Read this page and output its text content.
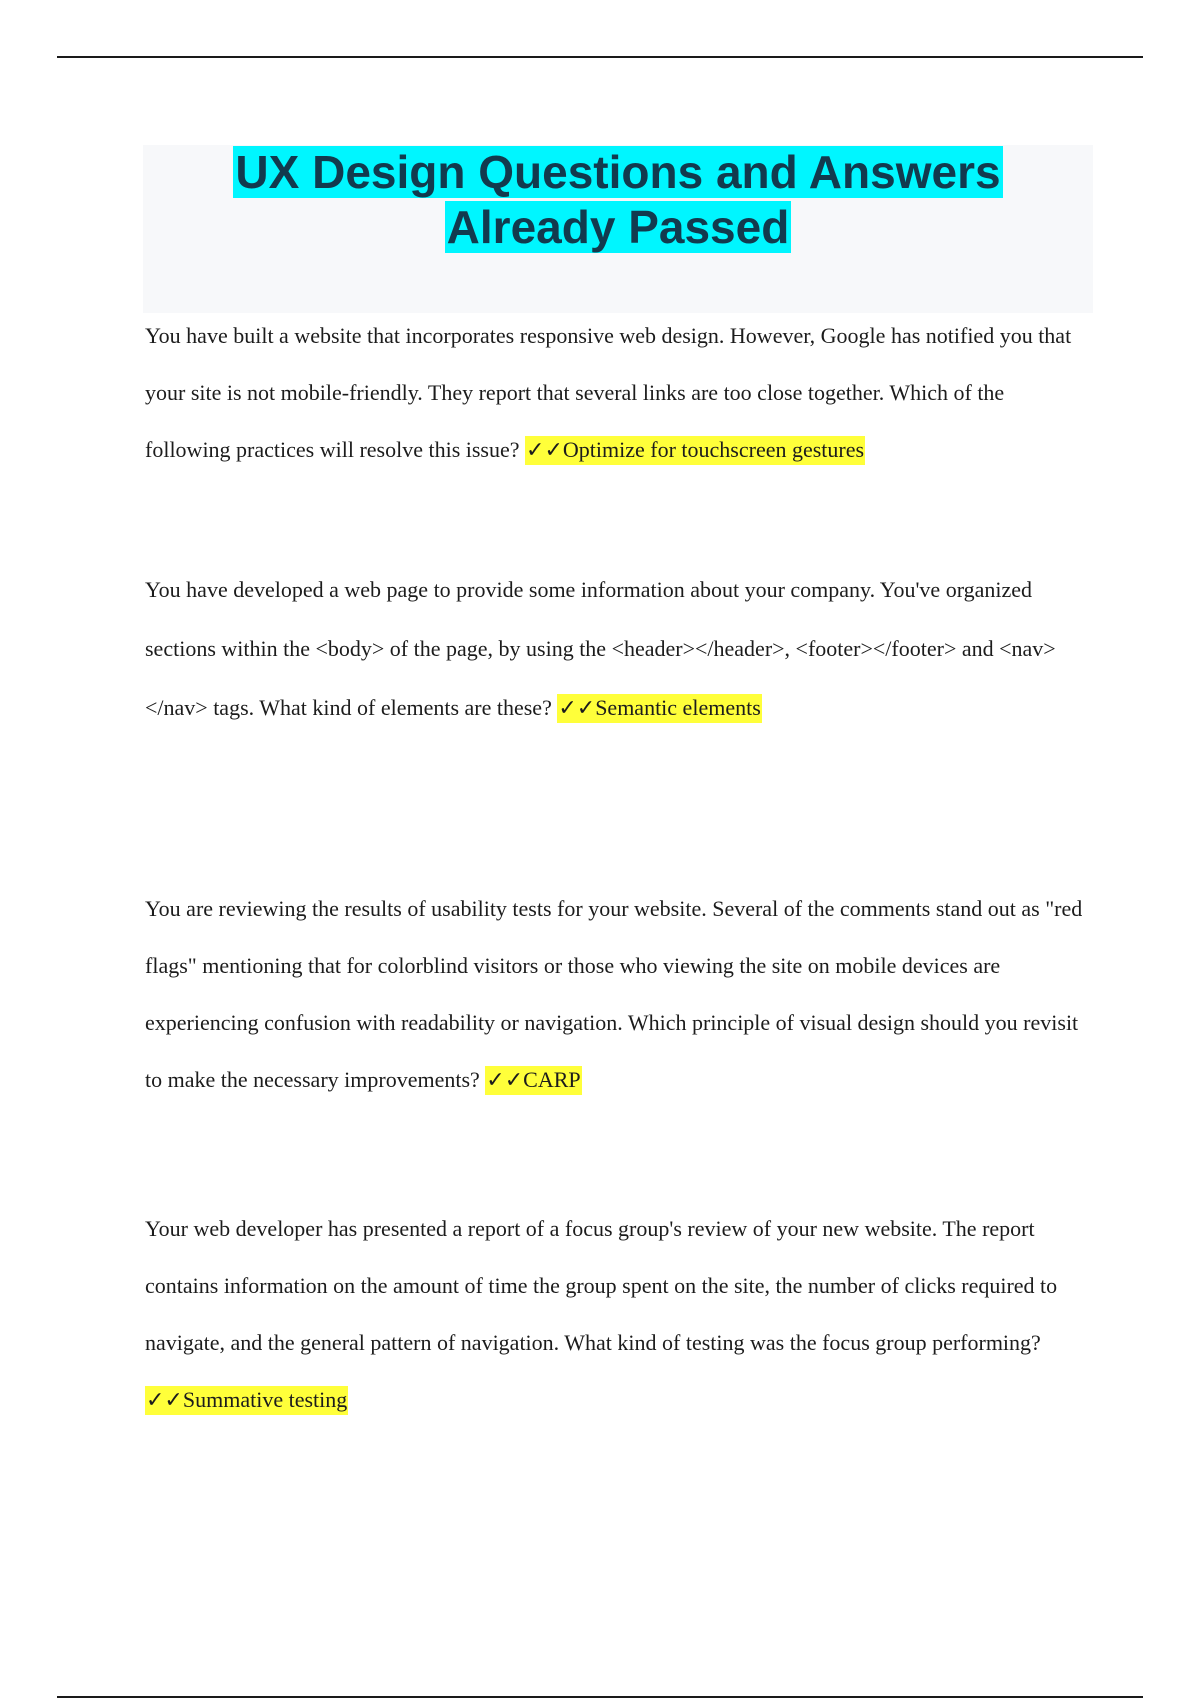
UX Design Questions and Answers
Already Passed

You have built a website that incorporates responsive web design. However, Google has notified you that your site is not mobile-friendly. They report that several links are too close together. Which of the following practices will resolve this issue? ✓✓Optimize for touchscreen gestures

You have developed a web page to provide some information about your company. You've organized sections within the <body> of the page, by using the <header></header>, <footer></footer> and <nav></nav> tags. What kind of elements are these? ✓✓Semantic elements

You are reviewing the results of usability tests for your website. Several of the comments stand out as "red flags" mentioning that for colorblind visitors or those who viewing the site on mobile devices are experiencing confusion with readability or navigation. Which principle of visual design should you revisit to make the necessary improvements? ✓✓CARP

Your web developer has presented a report of a focus group's review of your new website. The report contains information on the amount of time the group spent on the site, the number of clicks required to navigate, and the general pattern of navigation. What kind of testing was the focus group performing? ✓✓Summative testing
